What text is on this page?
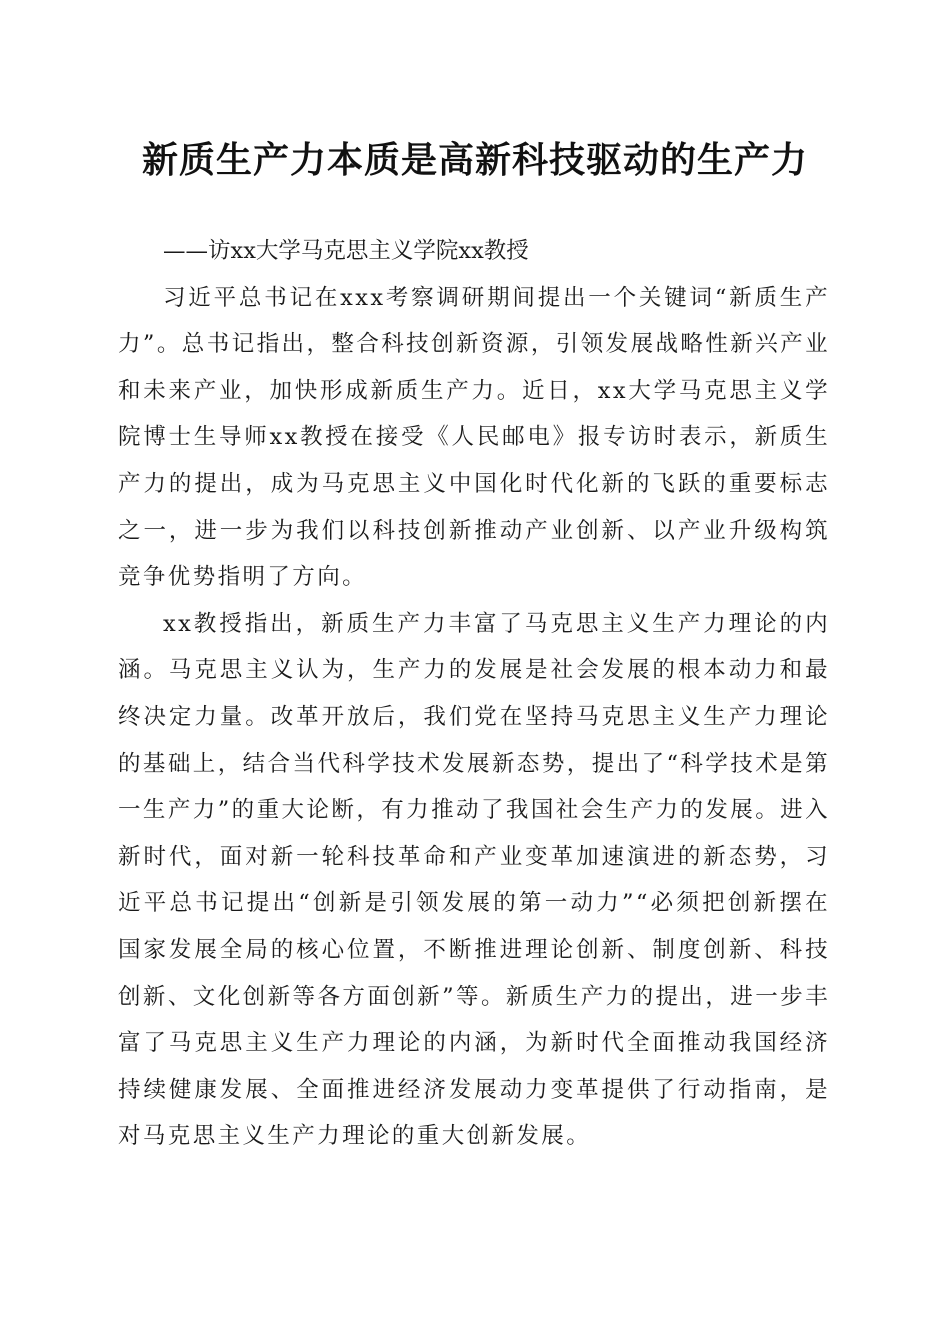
新质生产力本质是高新科技驱动的生产力

——访xx大学马克思主义学院xx教授

习近平总书记在xxx考察调研期间提出一个关键词“新质生产力”。总书记指出，整合科技创新资源，引领发展战略性新兴产业和未来产业，加快形成新质生产力。近日，xx大学马克思主义学院博士生导师xx教授在接受《人民邮电》报专访时表示，新质生产力的提出，成为马克思主义中国化时代化新的飞跃的重要标志之一，进一步为我们以科技创新推动产业创新、以产业升级构筑竞争优势指明了方向。

xx教授指出，新质生产力丰富了马克思主义生产力理论的内涵。马克思主义认为，生产力的发展是社会发展的根本动力和最终决定力量。改革开放后，我们党在坚持马克思主义生产力理论的基础上，结合当代科学技术发展新态势，提出了“科学技术是第一生产力”的重大论断，有力推动了我国社会生产力的发展。进入新时代，面对新一轮科技革命和产业变革加速演进的新态势，习近平总书记提出“创新是引领发展的第一动力”“必须把创新摆在国家发展全局的核心位置，不断推进理论创新、制度创新、科技创新、文化创新等各方面创新”等。新质生产力的提出，进一步丰富了马克思主义生产力理论的内涵，为新时代全面推动我国经济持续健康发展、全面推进经济发展动力变革提供了行动指南，是对马克思主义生产力理论的重大创新发展。
